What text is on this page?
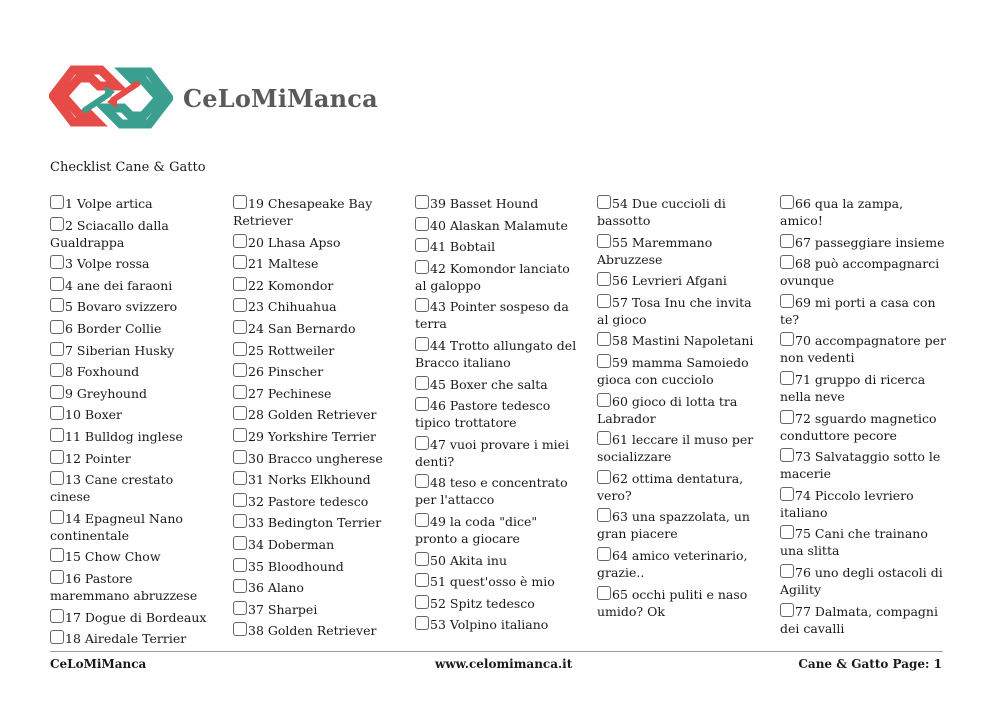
CeLoMiManca
Checklist Cane & Gatto
1 Volpe artica
2 Sciacallo dalla Gualdrappa
3 Volpe rossa
4 ane dei faraoni
5 Bovaro svizzero
6 Border Collie
7 Siberian Husky
8 Foxhound
9 Greyhound
10 Boxer
11 Bulldog inglese
12 Pointer
13 Cane crestato cinese
14 Epagneul Nano continentale
15 Chow Chow
16 Pastore maremmano abruzzese
17 Dogue di Bordeaux
18 Airedale Terrier
19 Chesapeake Bay Retriever
20 Lhasa Apso
21 Maltese
22 Komondor
23 Chihuahua
24 San Bernardo
25 Rottweiler
26 Pinscher
27 Pechinese
28 Golden Retriever
29 Yorkshire Terrier
30 Bracco ungherese
31 Norks Elkhound
32 Pastore tedesco
33 Bedington Terrier
34 Doberman
35 Bloodhound
36 Alano
37 Sharpei
38 Golden Retriever
39 Basset Hound
40 Alaskan Malamute
41 Bobtail
42 Komondor lanciato al galoppo
43 Pointer sospeso da terra
44 Trotto allungato del Bracco italiano
45 Boxer che salta
46 Pastore tedesco tipico trottatore
47 vuoi provare i miei denti?
48 teso e concentrato per l'attacco
49 la coda "dice" pronto a giocare
50 Akita inu
51 quest'osso è mio
52 Spitz tedesco
53 Volpino italiano
54 Due cuccioli di bassotto
55 Maremmano Abruzzese
56 Levrieri Afgani
57 Tosa Inu che invita al gioco
58 Mastini Napoletani
59 mamma Samoiedo gioca con cucciolo
60 gioco di lotta tra Labrador
61 leccare il muso per socializzare
62 ottima dentatura, vero?
63 una spazzolata, un gran piacere
64 amico veterinario, grazie..
65 occhi puliti e naso umido? Ok
66 qua la zampa, amico!
67 passeggiare insieme
68 può accompagnarci ovunque
69 mi porti a casa con te?
70 accompagnatore per non vedenti
71 gruppo di ricerca nella neve
72 sguardo magnetico conduttore pecore
73 Salvataggio sotto le macerie
74 Piccolo levriero italiano
75 Cani che trainano una slitta
76 uno degli ostacoli di Agility
77 Dalmata, compagni dei cavalli
CeLoMiManca	www.celomimanca.it	Cane & Gatto Page: 1
